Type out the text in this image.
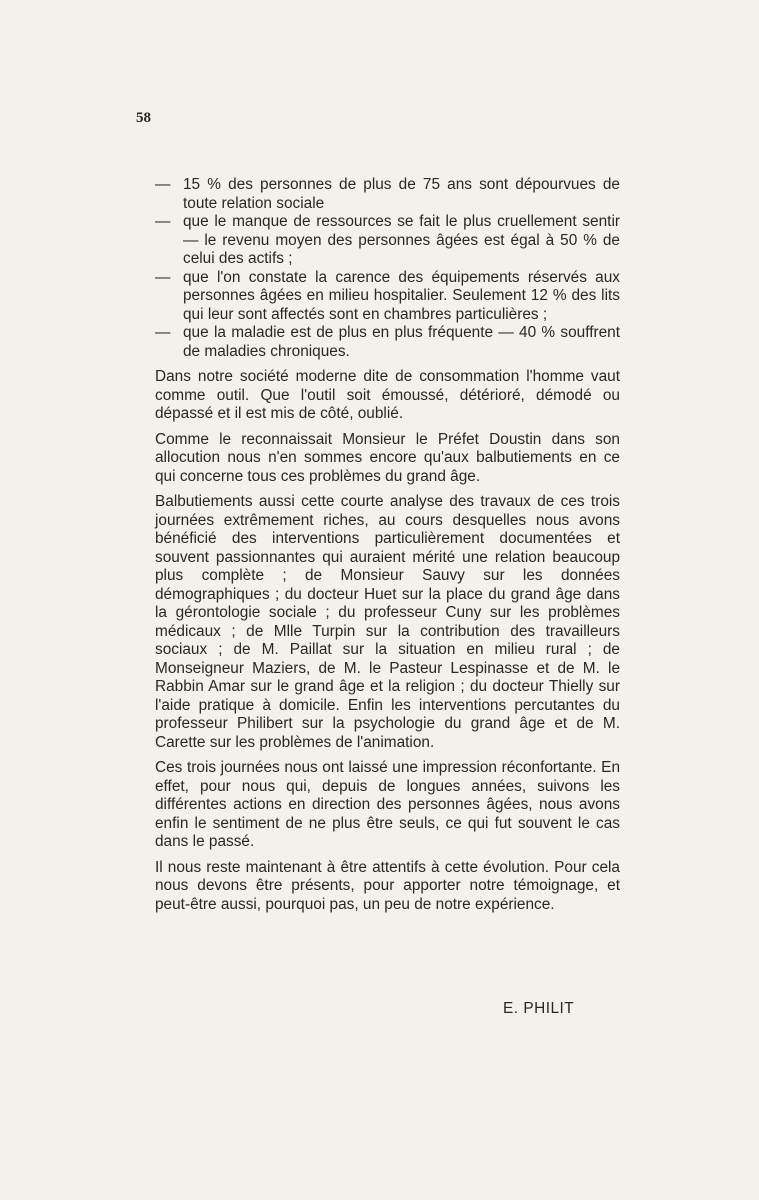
58
— 15 % des personnes de plus de 75 ans sont dépourvues de toute relation sociale
— que le manque de ressources se fait le plus cruellement sentir — le revenu moyen des personnes âgées est égal à 50 % de celui des actifs ;
— que l'on constate la carence des équipements réservés aux personnes âgées en milieu hospitalier. Seulement 12 % des lits qui leur sont affectés sont en chambres particulières ;
— que la maladie est de plus en plus fréquente — 40 % souffrent de maladies chroniques.

Dans notre société moderne dite de consommation l'homme vaut comme outil. Que l'outil soit émoussé, détérioré, démodé ou dépassé et il est mis de côté, oublié.

Comme le reconnaissait Monsieur le Préfet Doustin dans son allocution nous n'en sommes encore qu'aux balbutiements en ce qui concerne tous ces problèmes du grand âge.

Balbutiements aussi cette courte analyse des travaux de ces trois journées extrêmement riches, au cours desquelles nous avons bénéficié des interventions particulièrement documentées et souvent passionnantes qui auraient mérité une relation beaucoup plus complète ; de Monsieur Sauvy sur les données démographiques ; du docteur Huet sur la place du grand âge dans la gérontologie sociale ; du professeur Cuny sur les problèmes médicaux ; de Mlle Turpin sur la contribution des travailleurs sociaux ; de M. Paillat sur la situation en milieu rural ; de Monseigneur Maziers, de M. le Pasteur Lespinasse et de M. le Rabbin Amar sur le grand âge et la religion ; du docteur Thielly sur l'aide pratique à domicile. Enfin les interventions percutantes du professeur Philibert sur la psychologie du grand âge et de M. Carette sur les problèmes de l'animation.

Ces trois journées nous ont laissé une impression réconfortante. En effet, pour nous qui, depuis de longues années, suivons les différentes actions en direction des personnes âgées, nous avons enfin le sentiment de ne plus être seuls, ce qui fut souvent le cas dans le passé.

Il nous reste maintenant à être attentifs à cette évolution. Pour cela nous devons être présents, pour apporter notre témoignage, et peut-être aussi, pourquoi pas, un peu de notre expérience.

E. PHILIT
